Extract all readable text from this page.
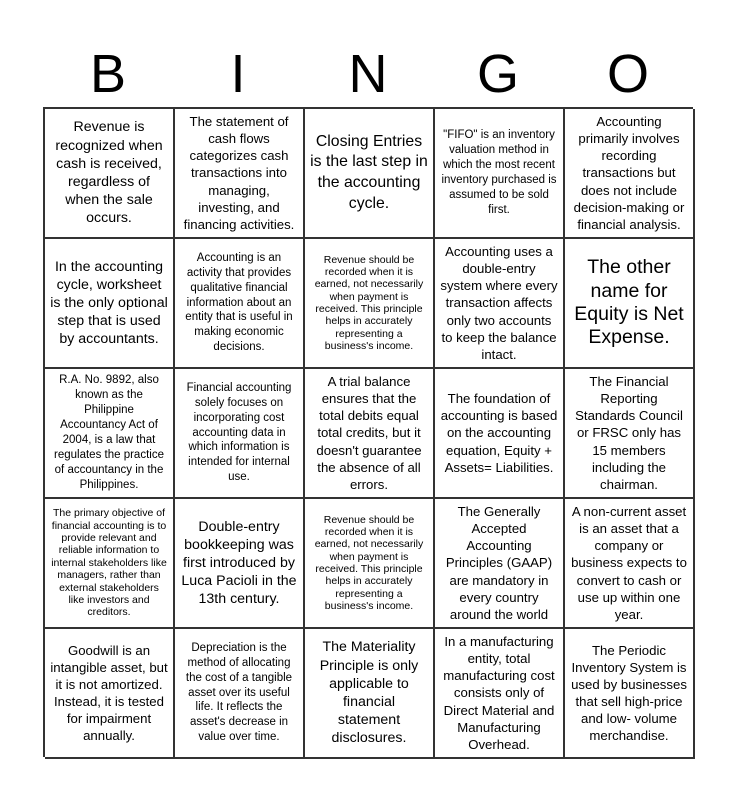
B	I	N	G	O
Revenue is recognized when cash is received, regardless of when the sale occurs.
The statement of cash flows categorizes cash transactions into managing, investing, and financing activities.
Closing Entries is the last step in the accounting cycle.
"FIFO" is an inventory valuation method in which the most recent inventory purchased is assumed to be sold first.
Accounting primarily involves recording transactions but does not include decision-making or financial analysis.
In the accounting cycle, worksheet is the only optional step that is used by accountants.
Accounting is an activity that provides qualitative financial information about an entity that is useful in making economic decisions.
Revenue should be recorded when it is earned, not necessarily when payment is received. This principle helps in accurately representing a business's income.
Accounting uses a double-entry system where every transaction affects only two accounts to keep the balance intact.
The other name for Equity is Net Expense.
R.A. No. 9892, also known as the Philippine Accountancy Act of 2004, is a law that regulates the practice of accountancy in the Philippines.
Financial accounting solely focuses on incorporating cost accounting data in which information is intended for internal use.
A trial balance ensures that the total debits equal total credits, but it doesn't guarantee the absence of all errors.
The foundation of accounting is based on the accounting equation, Equity + Assets= Liabilities.
The Financial Reporting Standards Council or FRSC only has 15 members including the chairman.
The primary objective of financial accounting is to provide relevant and reliable information to internal stakeholders like managers, rather than external stakeholders like investors and creditors.
Double-entry bookkeeping was first introduced by Luca Pacioli in the 13th century.
Revenue should be recorded when it is earned, not necessarily when payment is received. This principle helps in accurately representing a business's income.
The Generally Accepted Accounting Principles (GAAP) are mandatory in every country around the world
A non-current asset is an asset that a company or business expects to convert to cash or use up within one year.
Goodwill is an intangible asset, but it is not amortized. Instead, it is tested for impairment annually.
Depreciation is the method of allocating the cost of a tangible asset over its useful life. It reflects the asset's decrease in value over time.
The Materiality Principle is only applicable to financial statement disclosures.
In a manufacturing entity, total manufacturing cost consists only of Direct Material and Manufacturing Overhead.
The Periodic Inventory System is used by businesses that sell high-price and low- volume merchandise.
